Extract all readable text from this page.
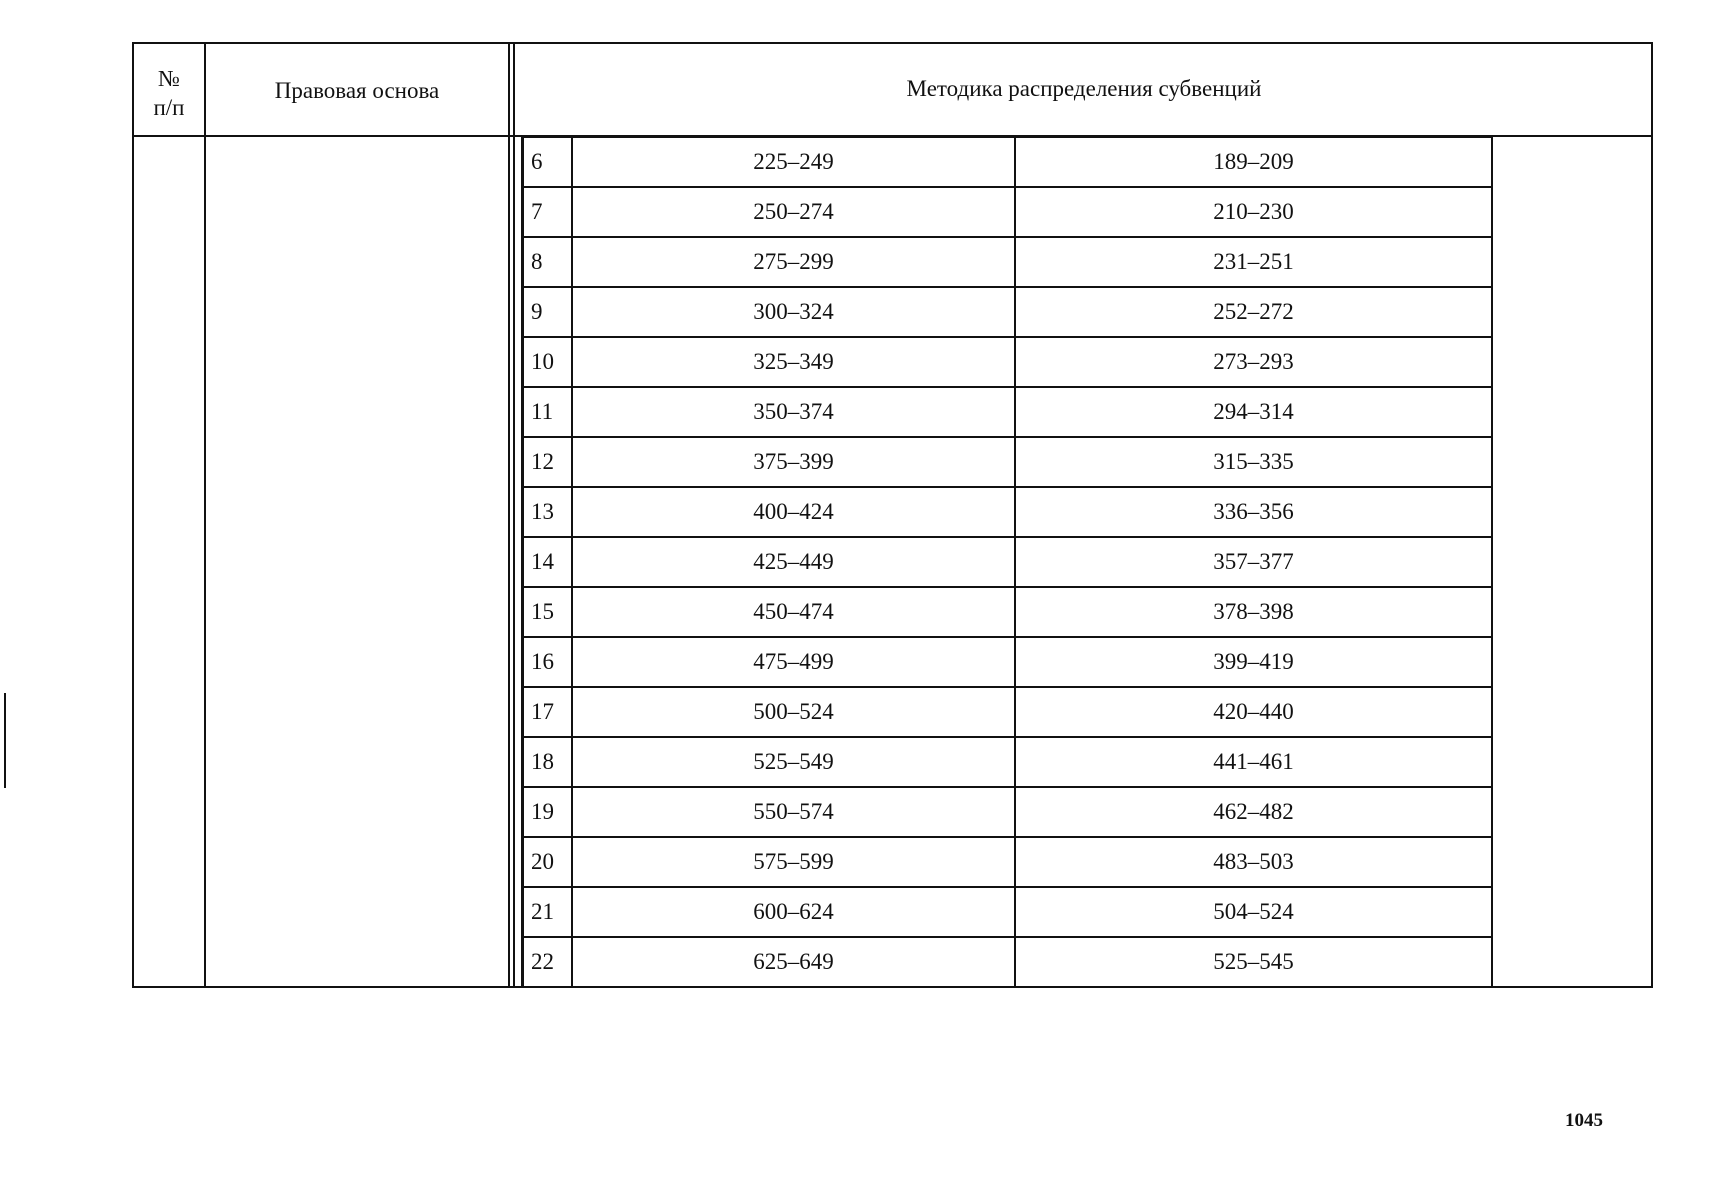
№
п/п
Правовая основа	Методика распределения субвенций
6	225–249	189–209
7	250–274	210–230
8	275–299	231–251
9	300–324	252–272
10	325–349	273–293
11	350–374	294–314
12	375–399	315–335
13	400–424	336–356
14	425–449	357–377
15	450–474	378–398
16	475–499	399–419
17	500–524	420–440
18	525–549	441–461
19	550–574	462–482
20	575–599	483–503
21	600–624	504–524
22	625–649	525–545
1045
